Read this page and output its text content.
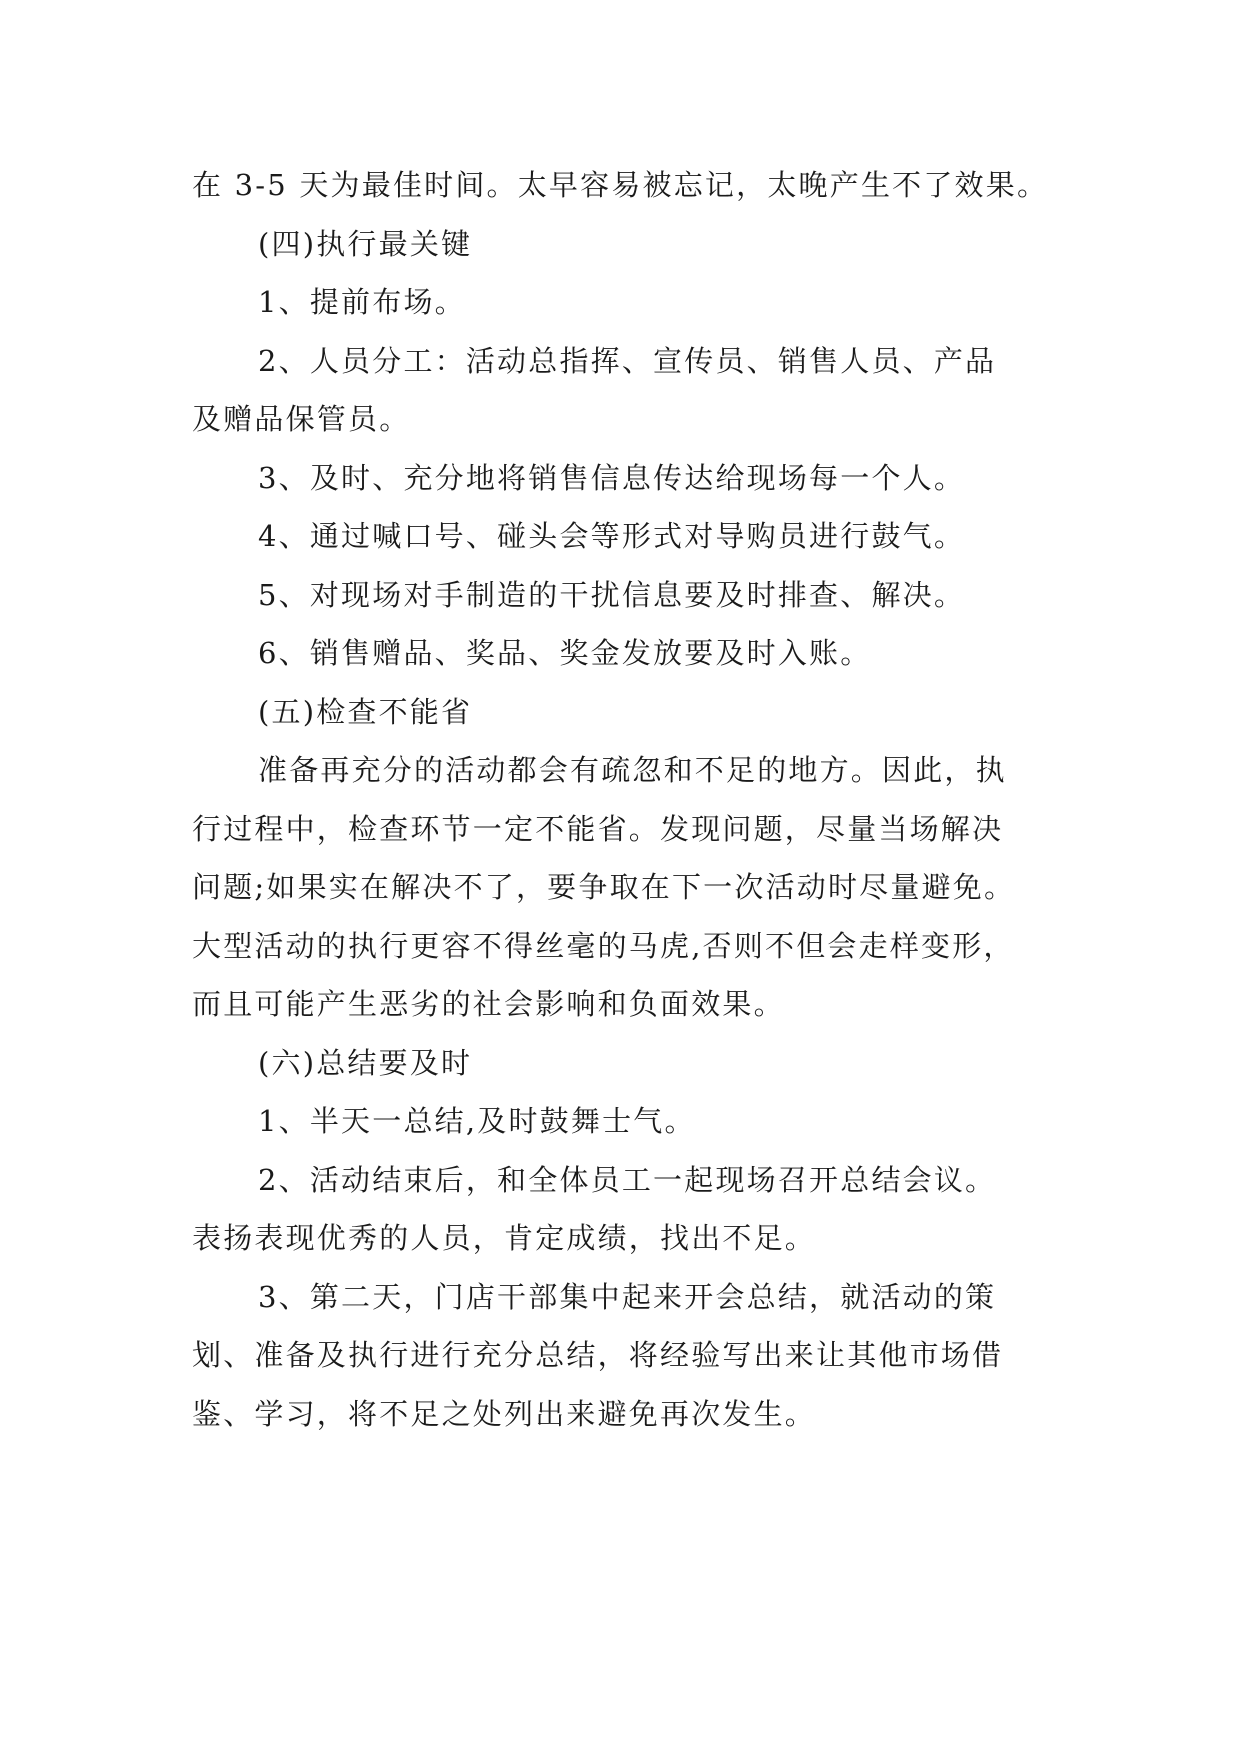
在 3-5 天为最佳时间。太早容易被忘记，太晚产生不了效果。

(四)执行最关键

1、提前布场。

2、人员分工：活动总指挥、宣传员、销售人员、产品

及赠品保管员。

3、及时、充分地将销售信息传达给现场每一个人。

4、通过喊口号、碰头会等形式对导购员进行鼓气。

5、对现场对手制造的干扰信息要及时排查、解决。

6、销售赠品、奖品、奖金发放要及时入账。

(五)检查不能省

准备再充分的活动都会有疏忽和不足的地方。因此，执

行过程中，检查环节一定不能省。发现问题，尽量当场解决

问题;如果实在解决不了，要争取在下一次活动时尽量避免。

大型活动的执行更容不得丝毫的马虎,否则不但会走样变形，

而且可能产生恶劣的社会影响和负面效果。

(六)总结要及时

1、半天一总结,及时鼓舞士气。

2、活动结束后，和全体员工一起现场召开总结会议。

表扬表现优秀的人员，肯定成绩，找出不足。

3、第二天，门店干部集中起来开会总结，就活动的策

划、准备及执行进行充分总结，将经验写出来让其他市场借

鉴、学习，将不足之处列出来避免再次发生。
